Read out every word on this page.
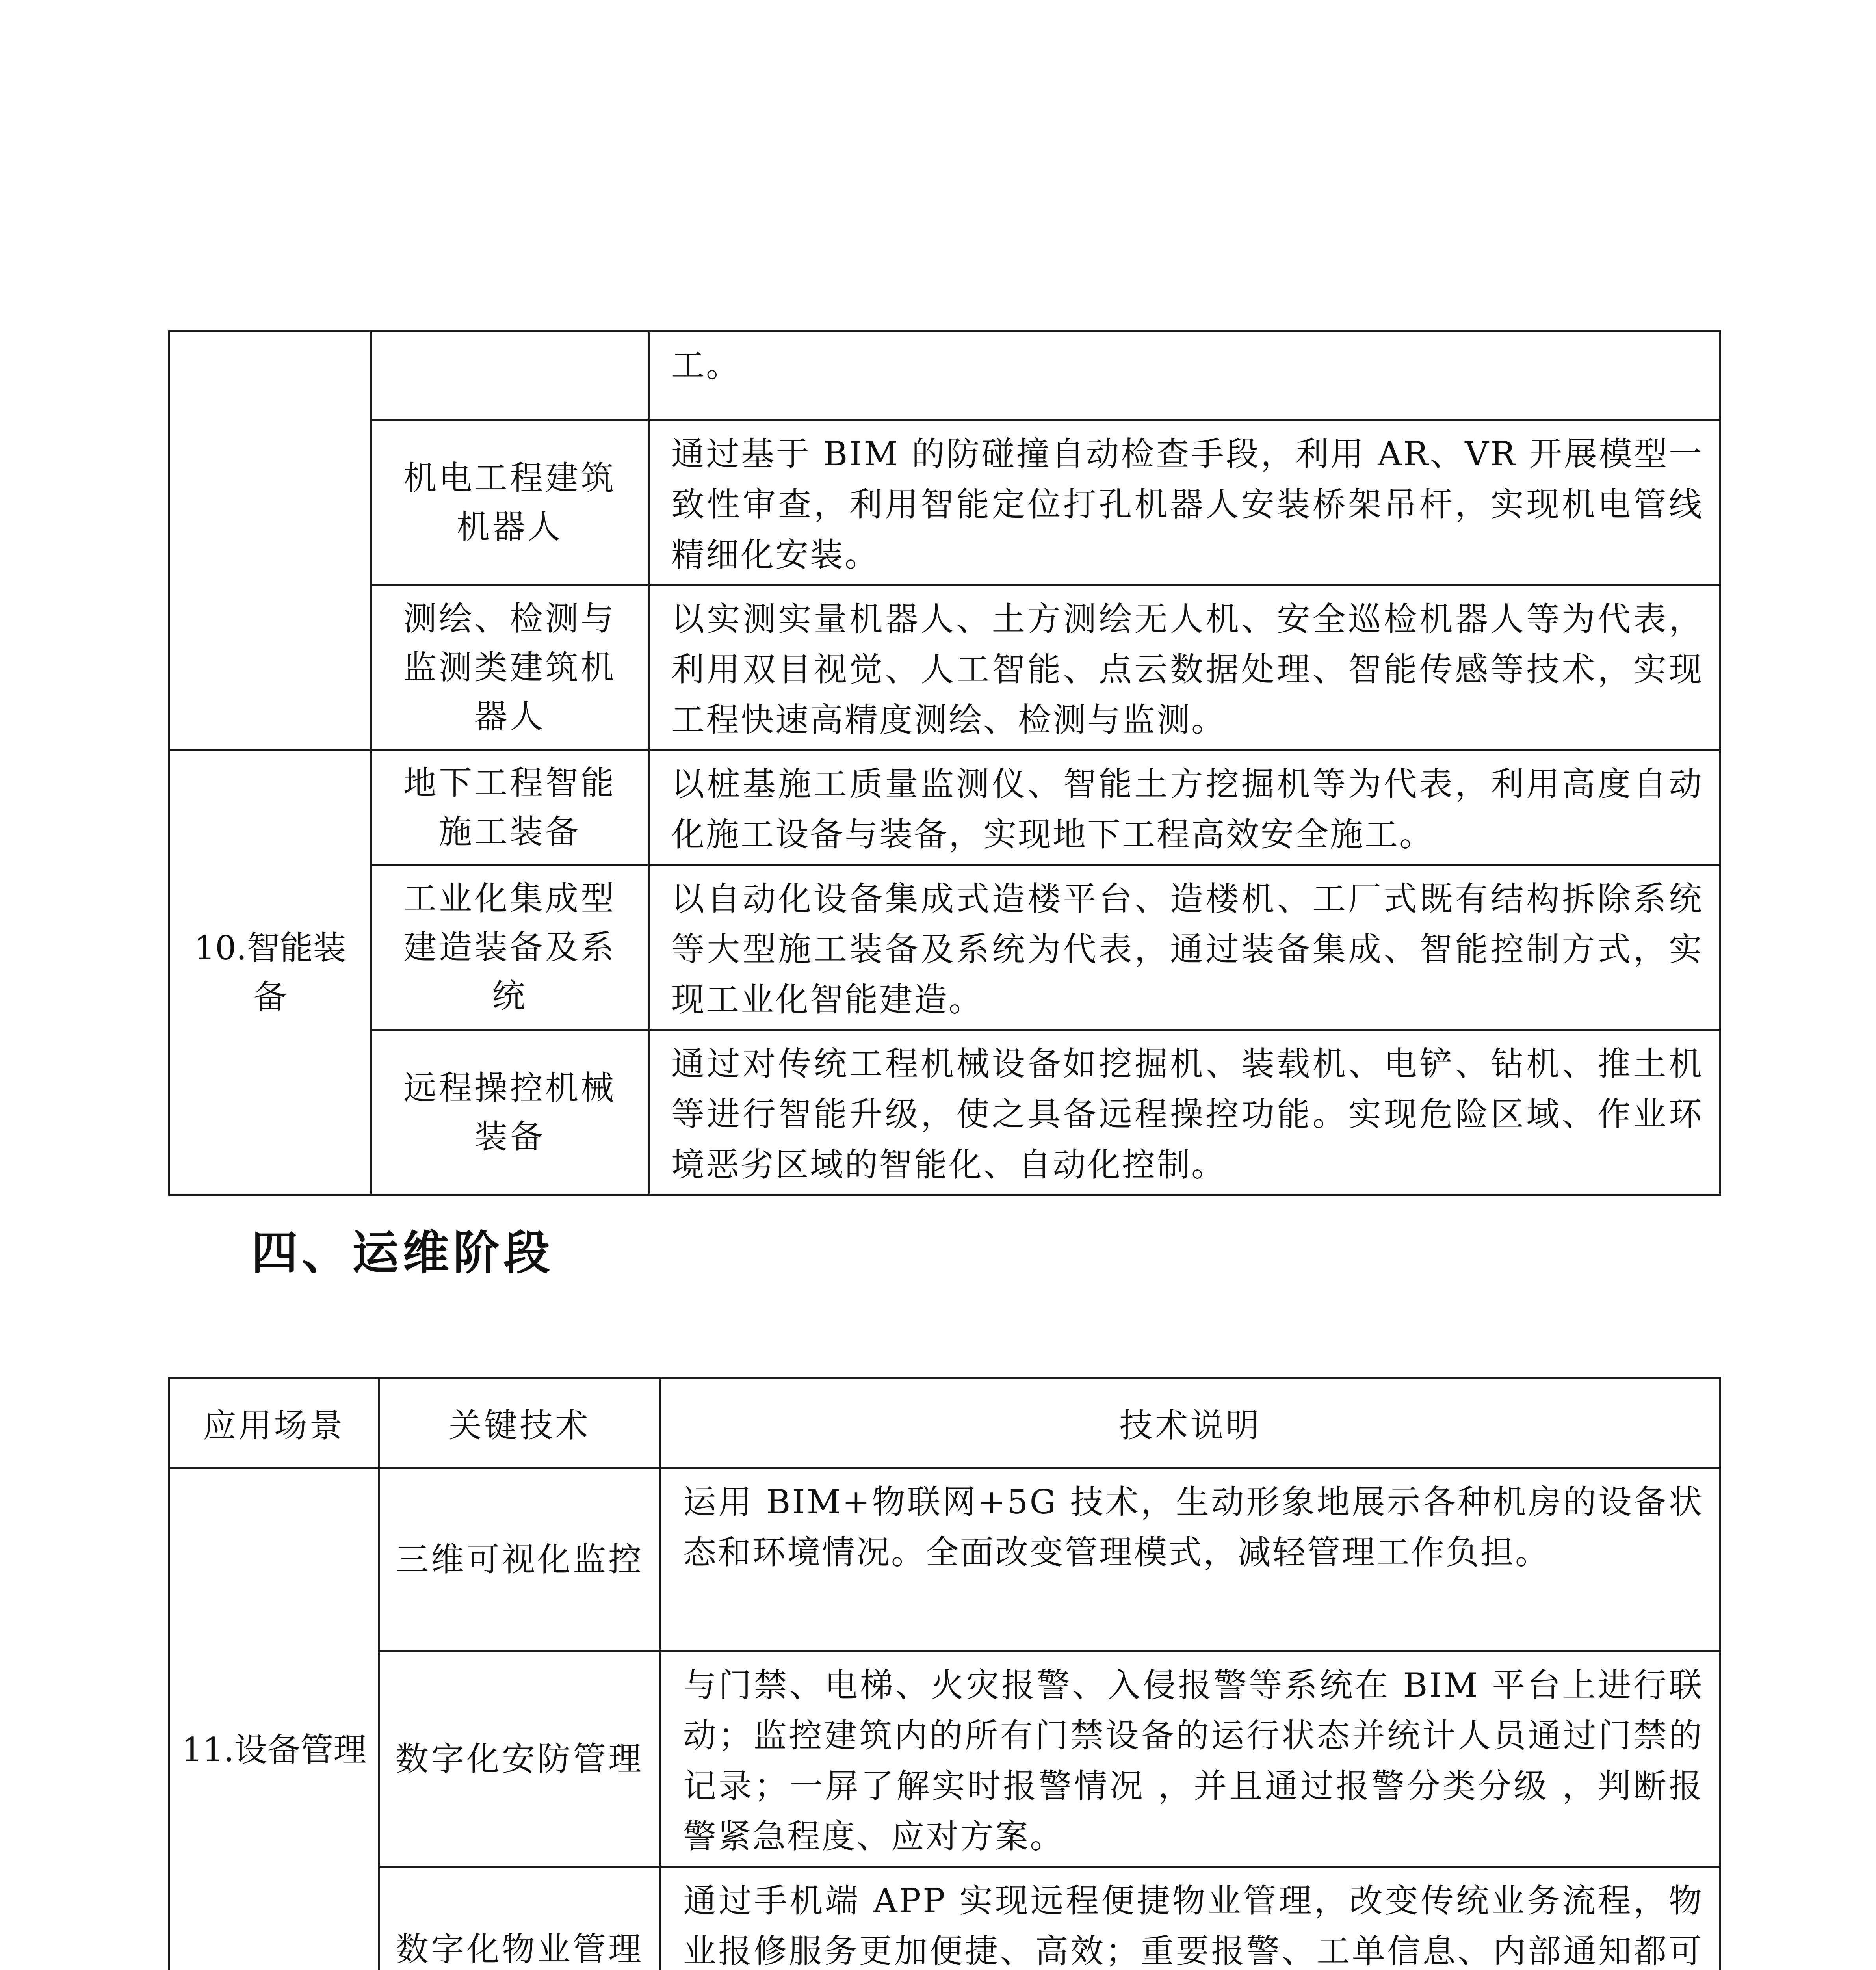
		工。
	机电工程建筑机器人	通过基于 BIM 的防碰撞自动检查手段，利用 AR、VR 开展模型一致性审查，利用智能定位打孔机器人安装桥架吊杆，实现机电管线精细化安装。
	测绘、检测与监测类建筑机器人	以实测实量机器人、土方测绘无人机、安全巡检机器人等为代表，利用双目视觉、人工智能、点云数据处理、智能传感等技术，实现工程快速高精度测绘、检测与监测。
10.智能装备	地下工程智能施工装备	以桩基施工质量监测仪、智能土方挖掘机等为代表，利用高度自动化施工设备与装备，实现地下工程高效安全施工。
	工业化集成型建造装备及系统	以自动化设备集成式造楼平台、造楼机、工厂式既有结构拆除系统等大型施工装备及系统为代表，通过装备集成、智能控制方式，实现工业化智能建造。
	远程操控机械装备	通过对传统工程机械设备如挖掘机、装载机、电铲、钻机、推土机等进行智能升级，使之具备远程操控功能。实现危险区域、作业环境恶劣区域的智能化、自动化控制。
四、运维阶段
应用场景	关键技术	技术说明
11.设备管理	三维可视化监控	运用 BIM+物联网+5G 技术，生动形象地展示各种机房的设备状态和环境情况。全面改变管理模式，减轻管理工作负担。
	数字化安防管理	与门禁、电梯、火灾报警、入侵报警等系统在 BIM 平台上进行联动；监控建筑内的所有门禁设备的运行状态并统计人员通过门禁的记录；一屏了解实时报警情况 ，并且通过报警分类分级 ，判断报警紧急程度、应对方案。
	数字化物业管理	通过手机端 APP 实现远程便捷物业管理，改变传统业务流程，物业报修服务更加便捷、高效；重要报警、工单信息、内部通知都可
